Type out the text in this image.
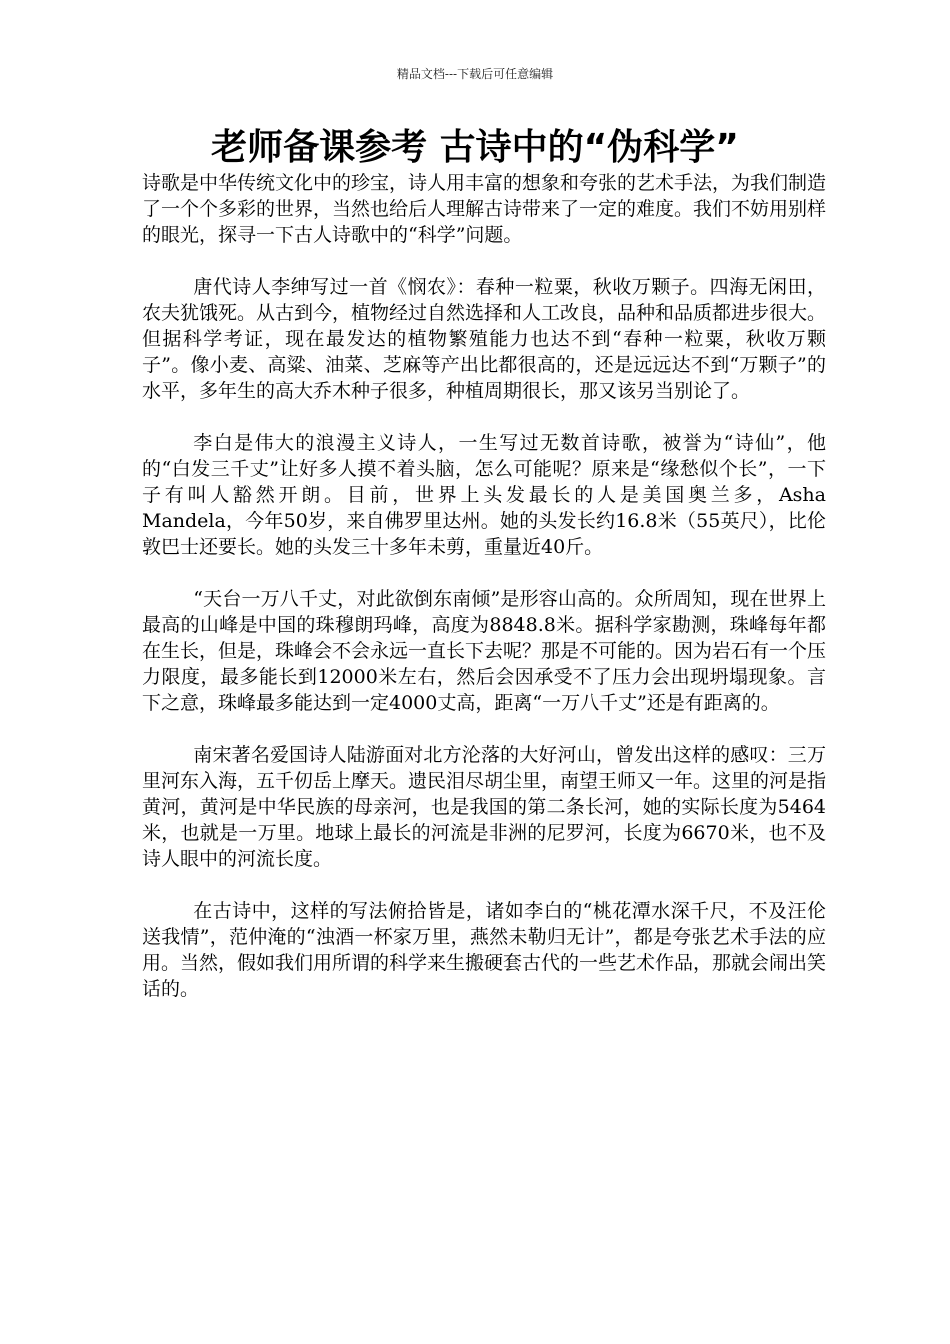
精品文档---下载后可任意编辑
老师备课参考 古诗中的“伪科学”

诗歌是中华传统文化中的珍宝，诗人用丰富的想象和夸张的艺术手法，为我们制造了一个个多彩的世界，当然也给后人理解古诗带来了一定的难度。我们不妨用别样的眼光，探寻一下古人诗歌中的“科学”问题。

唐代诗人李绅写过一首《悯农》：春种一粒粟，秋收万颗子。四海无闲田，农夫犹饿死。从古到今，植物经过自然选择和人工改良，品种和品质都进步很大。但据科学考证，现在最发达的植物繁殖能力也达不到“春种一粒粟，秋收万颗子”。像小麦、高粱、油菜、芝麻等产出比都很高的，还是远远达不到“万颗子”的水平，多年生的高大乔木种子很多，种植周期很长，那又该另当别论了。

李白是伟大的浪漫主义诗人，一生写过无数首诗歌，被誉为“诗仙”，他的“白发三千丈”让好多人摸不着头脑，怎么可能呢？原来是“缘愁似个长”，一下子有叫人豁然开朗。目前，世界上头发最长的人是美国奥兰多，Asha Mandela，今年50岁，来自佛罗里达州。她的头发长约16.8米（55英尺），比伦敦巴士还要长。她的头发三十多年未剪，重量近40斤。

“天台一万八千丈，对此欲倒东南倾”是形容山高的。众所周知，现在世界上最高的山峰是中国的珠穆朗玛峰，高度为8848.8米。据科学家勘测，珠峰每年都在生长，但是，珠峰会不会永远一直长下去呢？那是不可能的。因为岩石有一个压力限度，最多能长到12000米左右，然后会因承受不了压力会出现坍塌现象。言下之意，珠峰最多能达到一定4000丈高，距离“一万八千丈”还是有距离的。

南宋著名爱国诗人陆游面对北方沦落的大好河山，曾发出这样的感叹：三万里河东入海，五千仞岳上摩天。遗民泪尽胡尘里，南望王师又一年。这里的河是指黄河，黄河是中华民族的母亲河，也是我国的第二条长河，她的实际长度为5464米，也就是一万里。地球上最长的河流是非洲的尼罗河，长度为6670米，也不及诗人眼中的河流长度。

在古诗中，这样的写法俯拾皆是，诸如李白的“桃花潭水深千尺，不及汪伦送我情”，范仲淹的“浊酒一杯家万里，燕然未勒归无计”，都是夸张艺术手法的应用。当然，假如我们用所谓的科学来生搬硬套古代的一些艺术作品，那就会闹出笑话的。
